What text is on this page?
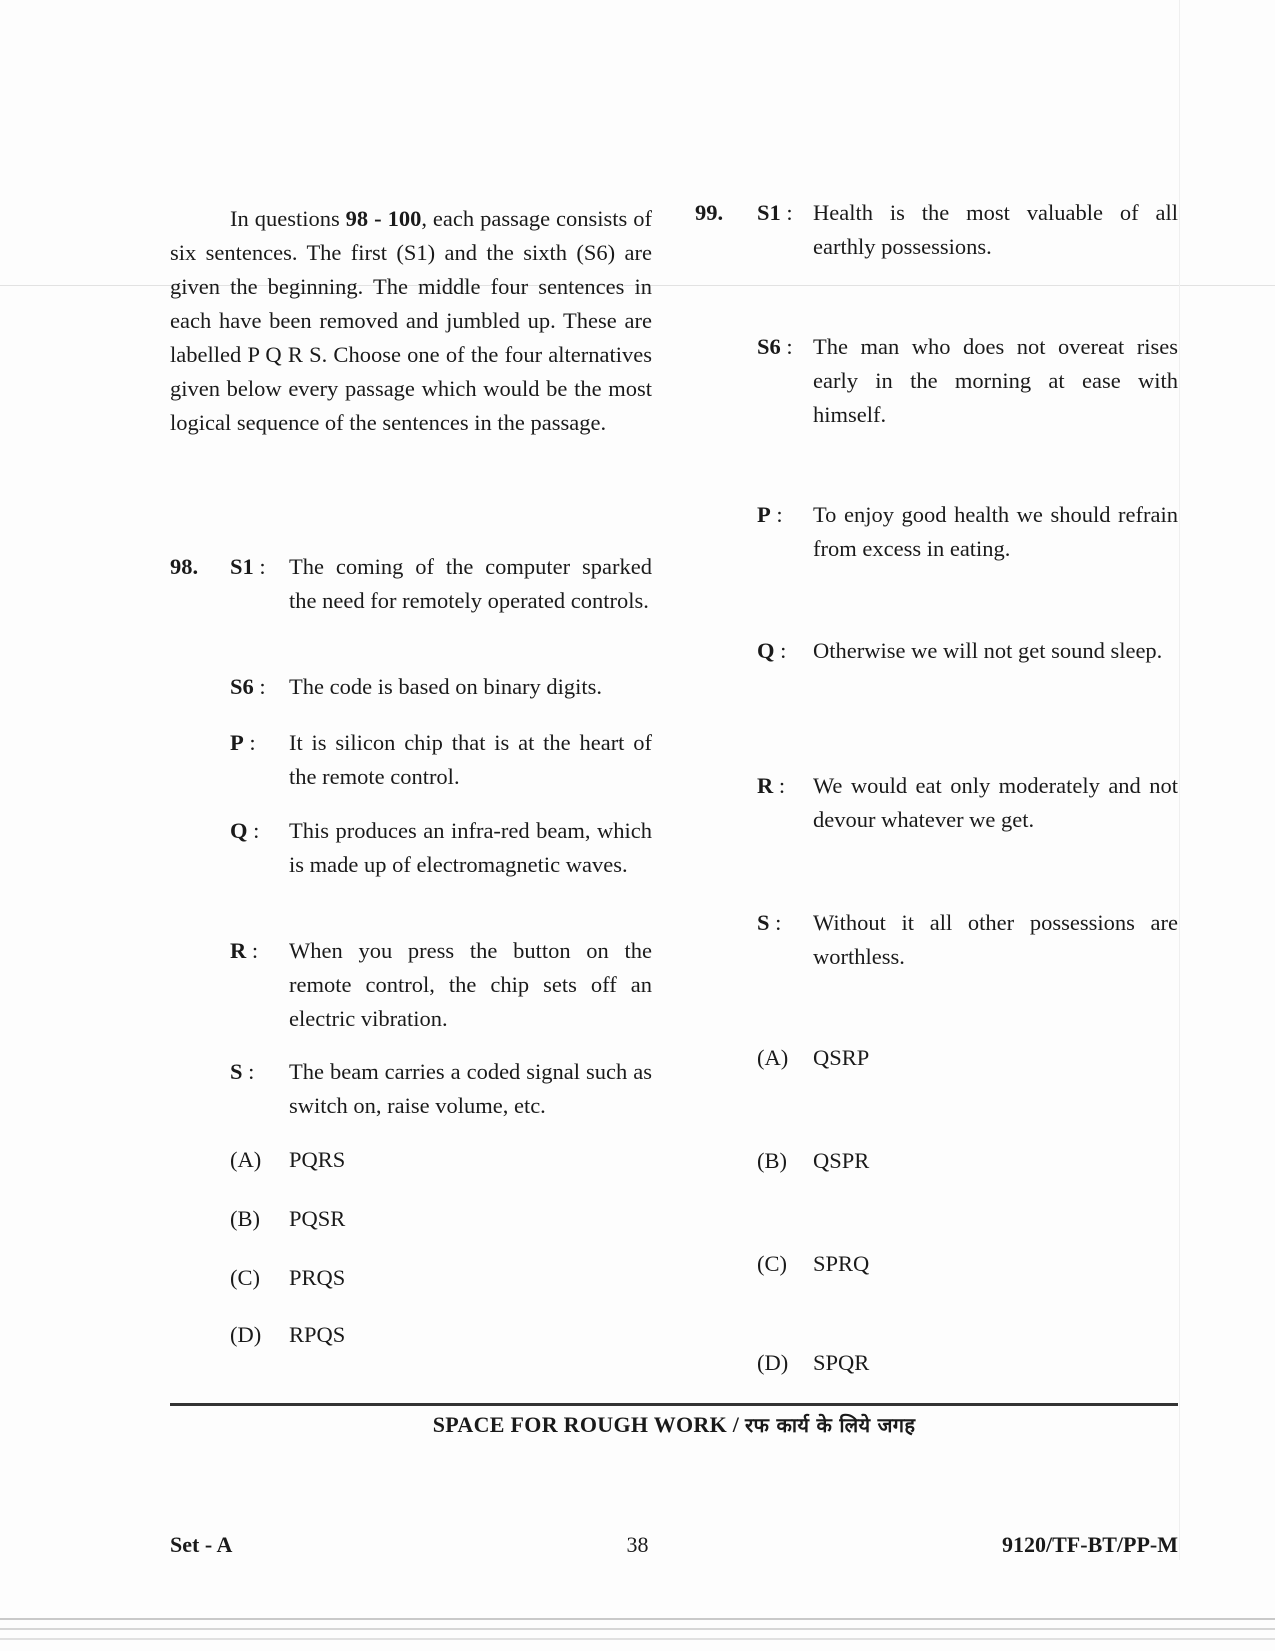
In questions 98 - 100, each passage consists of six sentences. The first (S1) and the sixth (S6) are given the beginning. The middle four sentences in each have been removed and jumbled up. These are labelled P Q R S. Choose one of the four alternatives given below every passage which would be the most logical sequence of the sentences in the passage.

98. S1 : The coming of the computer sparked the need for remotely operated controls.
S6 : The code is based on binary digits.
P : It is silicon chip that is at the heart of the remote control.
Q : This produces an infra-red beam, which is made up of electromagnetic waves.
R : When you press the button on the remote control, the chip sets off an electric vibration.
S : The beam carries a coded signal such as switch on, raise volume, etc.
(A) PQRS
(B) PQSR
(C) PRQS
(D) RPQS
99. S1 : Health is the most valuable of all earthly possessions.
S6 : The man who does not overeat rises early in the morning at ease with himself.
P : To enjoy good health we should refrain from excess in eating.
Q : Otherwise we will not get sound sleep.
R : We would eat only moderately and not devour whatever we get.
S : Without it all other possessions are worthless.
(A) QSRP
(B) QSPR
(C) SPRQ
(D) SPQR
SPACE FOR ROUGH WORK / रफ कार्य के लिये जगह
Set - A	38	9120/TF-BT/PP-M
